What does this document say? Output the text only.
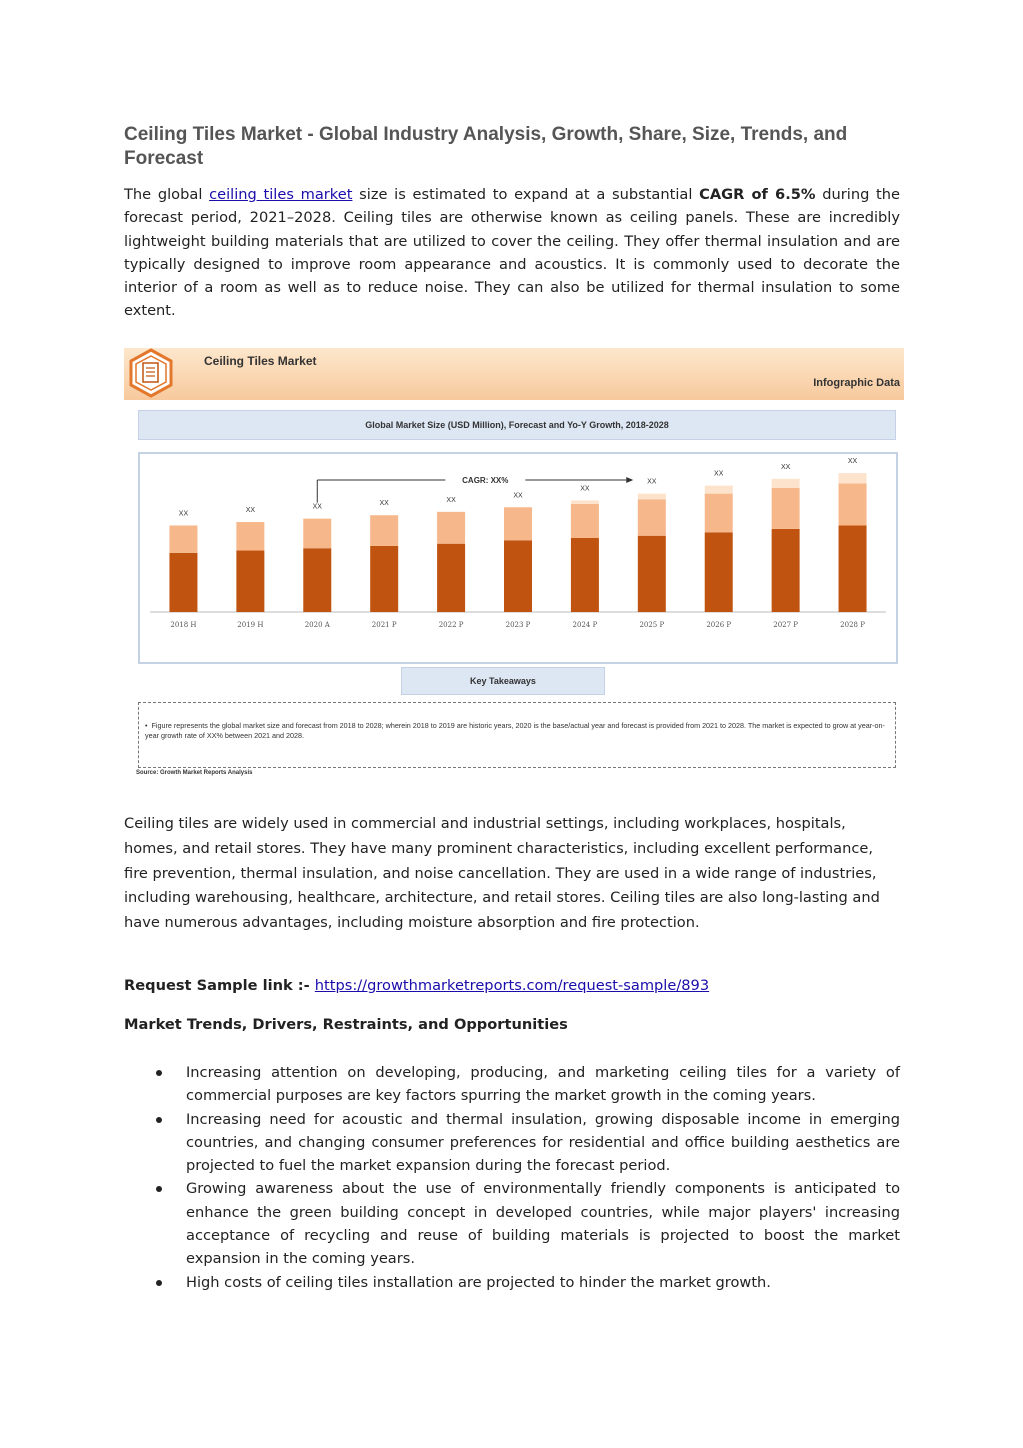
Ceiling Tiles Market - Global Industry Analysis, Growth, Share, Size, Trends, and Forecast

The global ceiling tiles market size is estimated to expand at a substantial CAGR of 6.5% during the forecast period, 2021–2028. Ceiling tiles are otherwise known as ceiling panels. These are incredibly lightweight building materials that are utilized to cover the ceiling. They offer thermal insulation and are typically designed to improve room appearance and acoustics. It is commonly used to decorate the interior of a room as well as to reduce noise. They can also be utilized for thermal insulation to some extent.

Ceiling Tiles Market
Infographic Data
Global Market Size (USD Million), Forecast and Yo-Y Growth, 2018-2028
XX
2018 H
XX
2019 H
XX
2020 A
XX
2021 P
XX
2022 P
XX
2023 P
XX
2024 P
XX
2025 P
XX
2026 P
XX
2027 P
XX
2028 P
CAGR: XX%
Key Takeaways
•  Figure represents the global market size and forecast from 2018 to 2028; wherein 2018 to 2019 are historic years, 2020 is the base/actual year and forecast is provided from 2021 to 2028. The market is expected to grow at year-on-year growth rate of XX% between 2021 and 2028.
Source: Growth Market Reports Analysis

Ceiling tiles are widely used in commercial and industrial settings, including workplaces, hospitals, homes, and retail stores. They have many prominent characteristics, including excellent performance, fire prevention, thermal insulation, and noise cancellation. They are used in a wide range of industries, including warehousing, healthcare, architecture, and retail stores. Ceiling tiles are also long-lasting and have numerous advantages, including moisture absorption and fire protection.

Request Sample link :- https://growthmarketreports.com/request-sample/893

Market Trends, Drivers, Restraints, and Opportunities

Increasing attention on developing, producing, and marketing ceiling tiles for a variety of commercial purposes are key factors spurring the market growth in the coming years.
Increasing need for acoustic and thermal insulation, growing disposable income in emerging countries, and changing consumer preferences for residential and office building aesthetics are projected to fuel the market expansion during the forecast period.
Growing awareness about the use of environmentally friendly components is anticipated to enhance the green building concept in developed countries, while major players' increasing acceptance of recycling and reuse of building materials is projected to boost the market expansion in the coming years.
High costs of ceiling tiles installation are projected to hinder the market growth.
